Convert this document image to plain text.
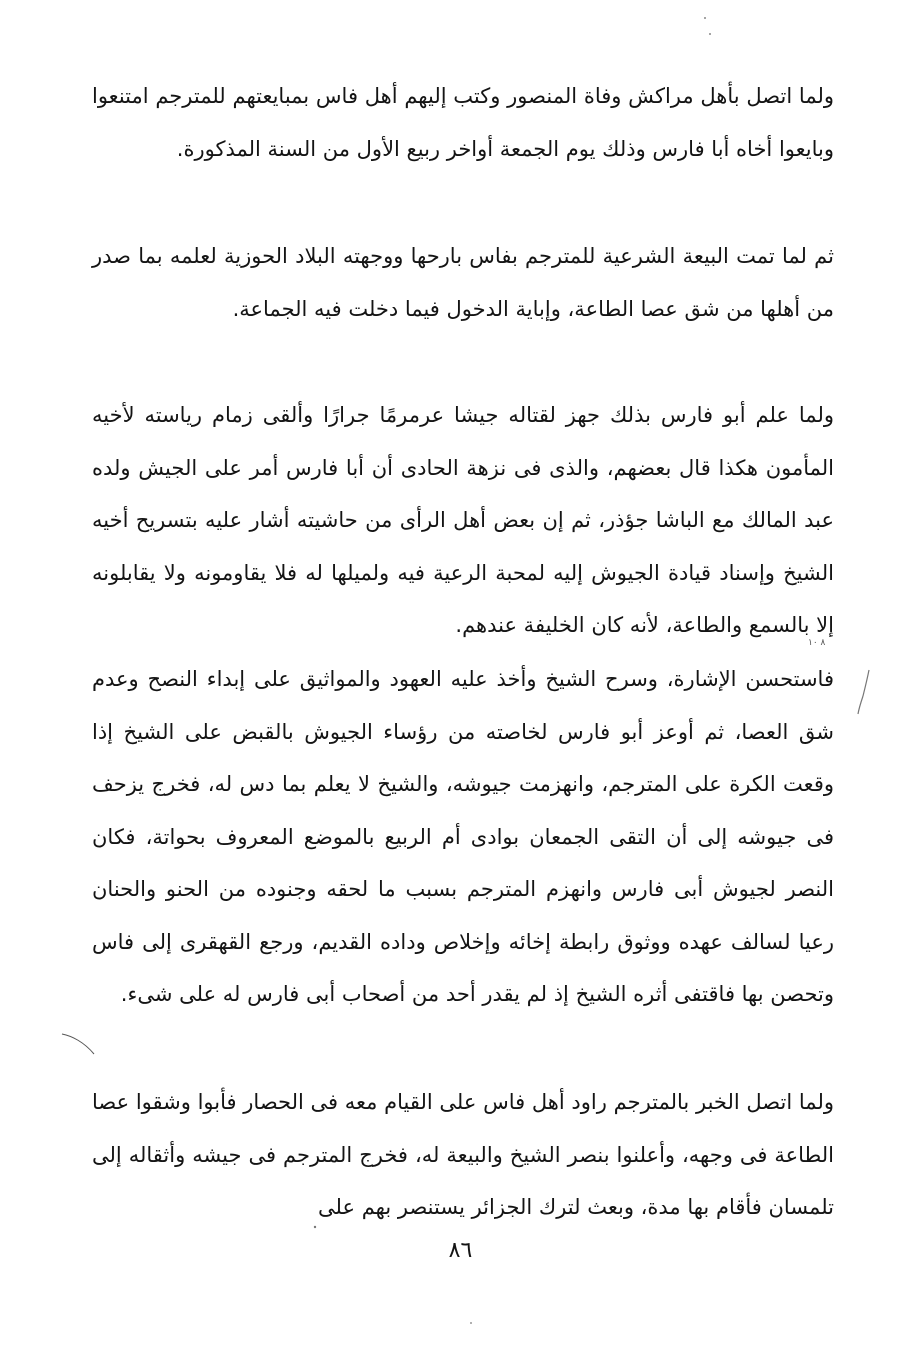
ولما اتصل بأهل مراكش وفاة المنصور وكتب إليهم أهل فاس بمبايعتهم للمترجم امتنعوا وبايعوا أخاه أبا فارس وذلك يوم الجمعة أواخر ربيع الأول من السنة المذكورة.

ثم لما تمت البيعة الشرعية للمترجم بفاس بارحها ووجهته البلاد الحوزية لعلمه بما صدر من أهلها من شق عصا الطاعة، وإباية الدخول فيما دخلت فيه الجماعة.

ولما علم أبو فارس بذلك جهز لقتاله جيشا عرمرمًا جرارًا وألقى زمام رياسته لأخيه المأمون هكذا قال بعضهم، والذى فى نزهة الحادى أن أبا فارس أمر على الجيش ولده عبد المالك مع الباشا جؤذر، ثم إن بعض أهل الرأى من حاشيته أشار عليه بتسريح أخيه الشيخ وإسناد قيادة الجيوش إليه لمحبة الرعية فيه ولميلها له فلا يقاومونه ولا يقابلونه إلا بالسمع والطاعة، لأنه كان الخليفة عندهم.

فاستحسن الإشارة، وسرح الشيخ وأخذ عليه العهود والمواثيق على إبداء النصح وعدم شق العصا، ثم أوعز أبو فارس لخاصته من رؤساء الجيوش بالقبض على الشيخ إذا وقعت الكرة على المترجم، وانهزمت جيوشه، والشيخ لا يعلم بما دس له، فخرج يزحف فى جيوشه إلى أن التقى الجمعان بوادى أم الربيع بالموضع المعروف بحواتة، فكان النصر لجيوش أبى فارس وانهزم المترجم بسبب ما لحقه وجنوده من الحنو والحنان رعيا لسالف عهده ووثوق رابطة إخائه وإخلاص وداده القديم، ورجع القهقرى إلى فاس وتحصن بها فاقتفى أثره الشيخ إذ لم يقدر أحد من أصحاب أبى فارس له على شىء.

ولما اتصل الخبر بالمترجم راود أهل فاس على القيام معه فى الحصار فأبوا وشقوا عصا الطاعة فى وجهه، وأعلنوا بنصر الشيخ والبيعة له، فخرج المترجم فى جيشه وأثقاله إلى تلمسان فأقام بها مدة، وبعث لترك الجزائر يستنصر بهم على

٨٦
٨ ١٠
